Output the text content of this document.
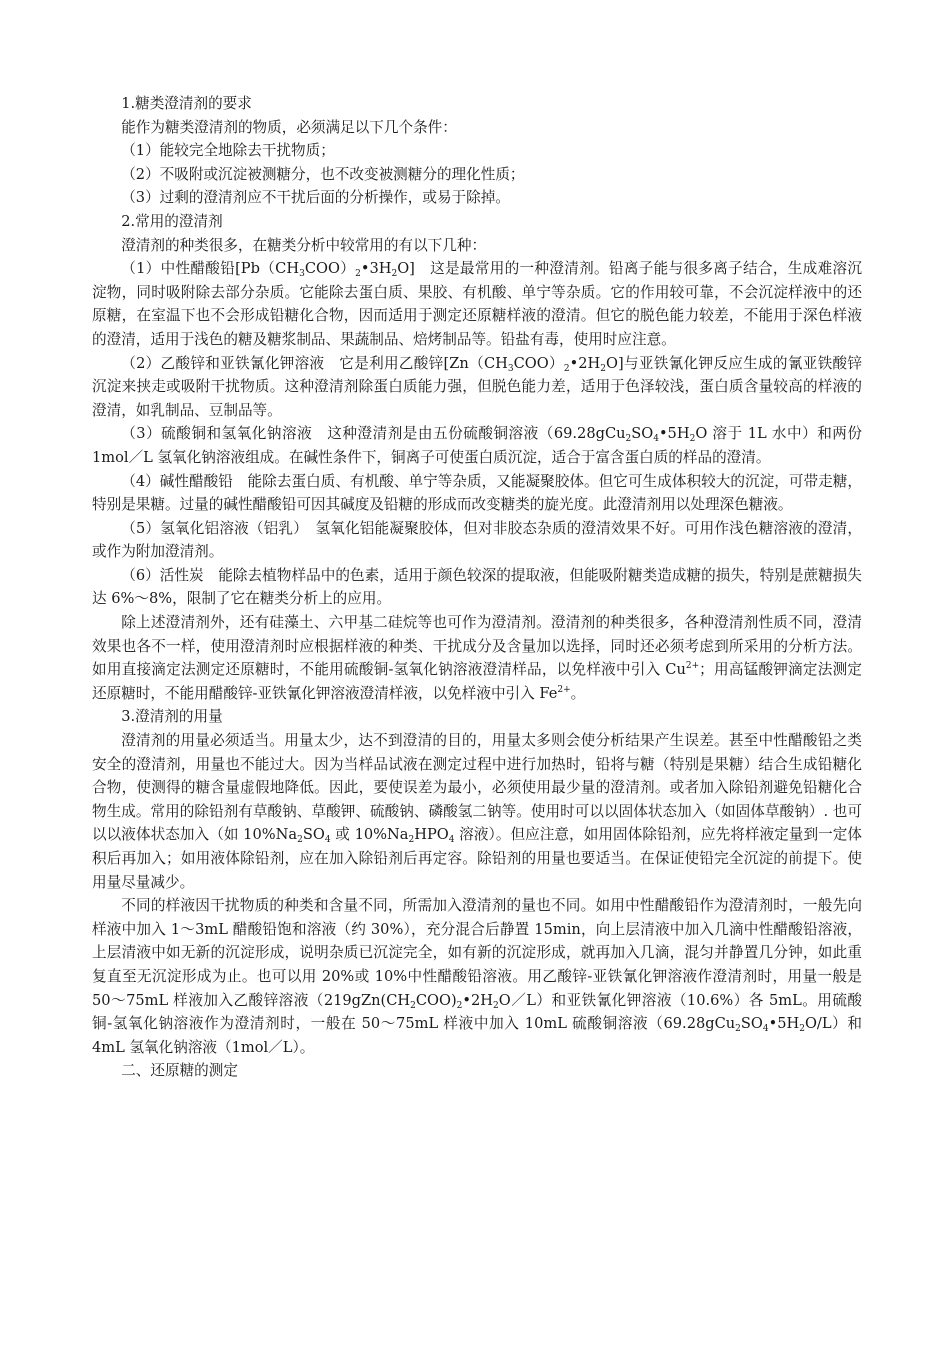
1.糖类澄清剂的要求

能作为糖类澄清剂的物质，必须满足以下几个条件：

（1）能较完全地除去干扰物质；

（2）不吸附或沉淀被测糖分，也不改变被测糖分的理化性质；

（3）过剩的澄清剂应不干扰后面的分析操作，或易于除掉。

2.常用的澄清剂

澄清剂的种类很多，在糖类分析中较常用的有以下几种：

（1）中性醋酸铅$[Pb(CH_3COO)_2•3H_2O]$　这是最常用的一种澄清剂。铅离子能与很多离子结合，生成难溶沉淀物，同时吸附除去部分杂质。它能除去蛋白质、果胶、有机酸、单宁等杂质。它的作用较可靠，不会沉淀样液中的还原糖，在室温下也不会形成铅糖化合物，因而适用于测定还原糖样液的澄清。但它的脱色能力较差，不能用于深色样液的澄清，适用于浅色的糖及糖浆制品、果蔬制品、焙烤制品等。铅盐有毒，使用时应注意。

（2）乙酸锌和亚铁氰化钾溶液　它是利用乙酸锌$[Zn(CH_3COO)_2•2H_2O]$与亚铁氰化钾反应生成的氰亚铁酸锌沉淀来挟走或吸附干扰物质。这种澄清剂除蛋白质能力强，但脱色能力差，适用于色泽较浅，蛋白质含量较高的样液的澄清，如乳制品、豆制品等。

（3）硫酸铜和氢氧化钠溶液　这种澄清剂是由五份硫酸铜溶液（$69.28gCu_2SO_4•5H_2O$ 溶于 1L 水中）和两份 1mol／L 氢氧化钠溶液组成。在碱性条件下，铜离子可使蛋白质沉淀，适合于富含蛋白质的样品的澄清。

（4）碱性醋酸铅　能除去蛋白质、有机酸、单宁等杂质，又能凝聚胶体。但它可生成体积较大的沉淀，可带走糖，特别是果糖。过量的碱性醋酸铅可因其碱度及铅糖的形成而改变糖类的旋光度。此澄清剂用以处理深色糖液。

（5）氢氧化铝溶液（铝乳）　氢氧化铝能凝聚胶体，但对非胶态杂质的澄清效果不好。可用作浅色糖溶液的澄清，或作为附加澄清剂。

（6）活性炭　能除去植物样品中的色素，适用于颜色较深的提取液，但能吸附糖类造成糖的损失，特别是蔗糖损失达 6%～8%，限制了它在糖类分析上的应用。

除上述澄清剂外，还有硅藻土、六甲基二硅烷等也可作为澄清剂。澄清剂的种类很多，各种澄清剂性质不同，澄清效果也各不一样，使用澄清剂时应根据样液的种类、干扰成分及含量加以选择，同时还必须考虑到所采用的分析方法。如用直接滴定法测定还原糖时，不能用硫酸铜-氢氧化钠溶液澄清样品，以免样液中引入 $Cu^{2+}$；用高锰酸钾滴定法测定还原糖时，不能用醋酸锌-亚铁氰化钾溶液澄清样液，以免样液中引入 $Fe^{2+}$。

3.澄清剂的用量

澄清剂的用量必须适当。用量太少，达不到澄清的目的，用量太多则会使分析结果产生误差。甚至中性醋酸铅之类安全的澄清剂，用量也不能过大。因为当样品试液在测定过程中进行加热时，铅将与糖（特别是果糖）结合生成铅糖化合物，使测得的糖含量虚假地降低。因此，要使误差为最小，必须使用最少量的澄清剂。或者加入除铅剂避免铅糖化合物生成。常用的除铅剂有草酸钠、草酸钾、硫酸钠、磷酸氢二钠等。使用时可以以固体状态加入（如固体草酸钠）. 也可以以液体状态加入（如 $10\%Na_2SO_4$ 或 $10\%Na_2HPO_4$ 溶液）。但应注意，如用固体除铅剂，应先将样液定量到一定体积后再加入；如用液体除铅剂，应在加入除铅剂后再定容。除铅剂的用量也要适当。在保证使铅完全沉淀的前提下。使用量尽量减少。

不同的样液因干扰物质的种类和含量不同，所需加入澄清剂的量也不同。如用中性醋酸铅作为澄清剂时，一般先向样液中加入 1～3mL 醋酸铅饱和溶液（约 30%），充分混合后静置 15min，向上层清液中加入几滴中性醋酸铅溶液，上层清液中如无新的沉淀形成，说明杂质已沉淀完全，如有新的沉淀形成，就再加入几滴，混匀并静置几分钟，如此重复直至无沉淀形成为止。也可以用 20%或 10%中性醋酸铅溶液。用乙酸锌-亚铁氰化钾溶液作澄清剂时，用量一般是 50～75mL 样液加入乙酸锌溶液$(219gZn(CH_2COO)_2•2H_2O/L)$和亚铁氰化钾溶液（10.6%）各 5mL。用硫酸铜-氢氧化钠溶液作为澄清剂时，一般在 50～75mL 样液中加入 10mL 硫酸铜溶液$(69.28gCu_2SO_4•5H_2O/L)$和 4mL 氢氧化钠溶液（1mol／L）。

二、还原糖的测定
